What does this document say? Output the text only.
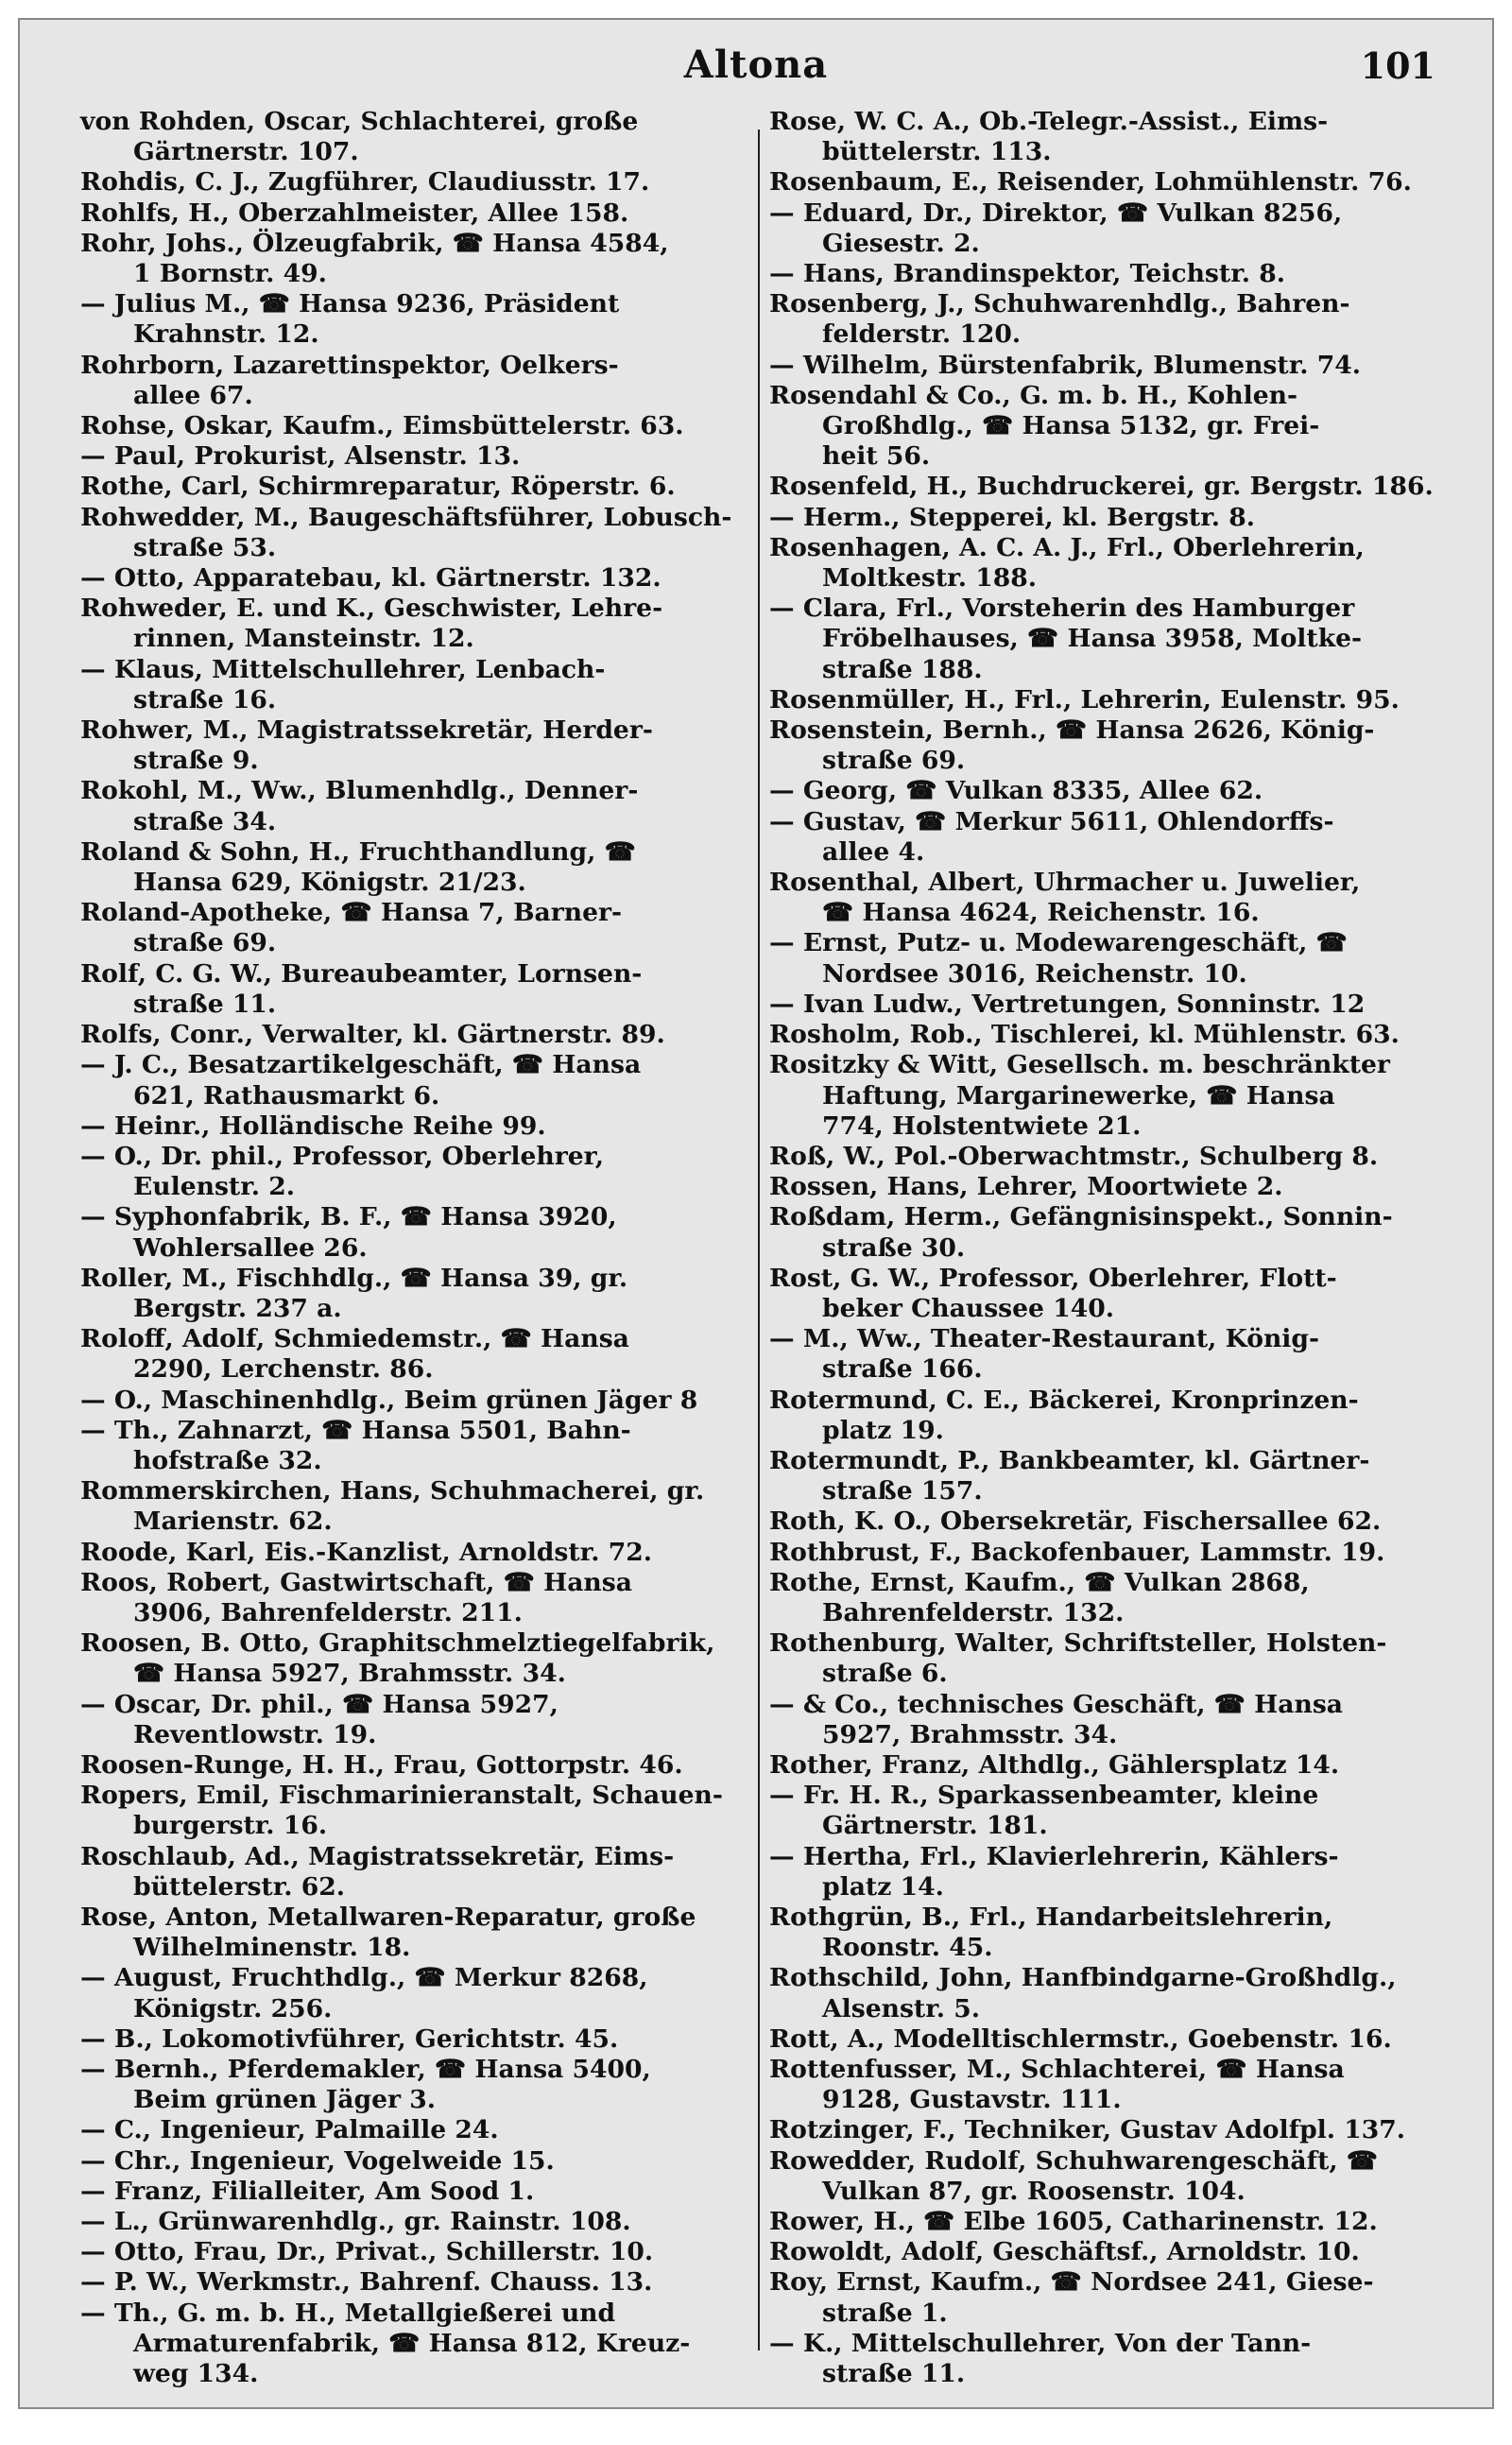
Altona	101

von Rohden, Oscar, Schlachterei, große

Gärtnerstr. 107.

Rohdis, C. J., Zugführer, Claudiusstr. 17.

Rohlfs, H., Oberzahlmeister, Allee 158.

Rohr, Johs., Ölzeugfabrik, ☎ Hansa 4584,

1 Bornstr. 49.

— Julius M., ☎ Hansa 9236, Präsident

Krahnstr. 12.

Rohrborn, Lazarettinspektor, Oelkers-

allee 67.

Rohse, Oskar, Kaufm., Eimsbüttelerstr. 63.

— Paul, Prokurist, Alsenstr. 13.

Rothe, Carl, Schirmreparatur, Röperstr. 6.

Rohwedder, M., Baugeschäftsführer, Lobusch-

straße 53.

— Otto, Apparatebau, kl. Gärtnerstr. 132.

Rohweder, E. und K., Geschwister, Lehre-

rinnen, Mansteinstr. 12.

— Klaus, Mittelschullehrer, Lenbach-

straße 16.

Rohwer, M., Magistratssekretär, Herder-

straße 9.

Rokohl, M., Ww., Blumenhdlg., Denner-

straße 34.

Roland & Sohn, H., Fruchthandlung, ☎

Hansa 629, Königstr. 21/23.

Roland-Apotheke, ☎ Hansa 7, Barner-

straße 69.

Rolf, C. G. W., Bureaubeamter, Lornsen-

straße 11.

Rolfs, Conr., Verwalter, kl. Gärtnerstr. 89.

— J. C., Besatzartikelgeschäft, ☎ Hansa

621, Rathausmarkt 6.

— Heinr., Holländische Reihe 99.

— O., Dr. phil., Professor, Oberlehrer,

Eulenstr. 2.

— Syphonfabrik, B. F., ☎ Hansa 3920,

Wohlersallee 26.

Roller, M., Fischhdlg., ☎ Hansa 39, gr.

Bergstr. 237 a.

Roloff, Adolf, Schmiedemstr., ☎ Hansa

2290, Lerchenstr. 86.

— O., Maschinenhdlg., Beim grünen Jäger 8

— Th., Zahnarzt, ☎ Hansa 5501, Bahn-

hofstraße 32.

Rommerskirchen, Hans, Schuhmacherei, gr.

Marienstr. 62.

Roode, Karl, Eis.-Kanzlist, Arnoldstr. 72.

Roos, Robert, Gastwirtschaft, ☎ Hansa

3906, Bahrenfelderstr. 211.

Roosen, B. Otto, Graphitschmelztiegelfabrik,

☎ Hansa 5927, Brahmsstr. 34.

— Oscar, Dr. phil., ☎ Hansa 5927,

Reventlowstr. 19.

Roosen-Runge, H. H., Frau, Gottorpstr. 46.

Ropers, Emil, Fischmarinieranstalt, Schauen-

burgerstr. 16.

Roschlaub, Ad., Magistratssekretär, Eims-

büttelerstr. 62.

Rose, Anton, Metallwaren-Reparatur, große

Wilhelminenstr. 18.

— August, Fruchthdlg., ☎ Merkur 8268,

Königstr. 256.

— B., Lokomotivführer, Gerichtstr. 45.

— Bernh., Pferdemakler, ☎ Hansa 5400,

Beim grünen Jäger 3.

— C., Ingenieur, Palmaille 24.

— Chr., Ingenieur, Vogelweide 15.

— Franz, Filialleiter, Am Sood 1.

— L., Grünwarenhdlg., gr. Rainstr. 108.

— Otto, Frau, Dr., Privat., Schillerstr. 10.

— P. W., Werkmstr., Bahrenf. Chauss. 13.

— Th., G. m. b. H., Metallgießerei und

Armaturenfabrik, ☎ Hansa 812, Kreuz-

weg 134.

Rose, W. C. A., Ob.-Telegr.-Assist., Eims-

büttelerstr. 113.

Rosenbaum, E., Reisender, Lohmühlenstr. 76.

— Eduard, Dr., Direktor, ☎ Vulkan 8256,

Giesestr. 2.

— Hans, Brandinspektor, Teichstr. 8.

Rosenberg, J., Schuhwarenhdlg., Bahren-

felderstr. 120.

— Wilhelm, Bürstenfabrik, Blumenstr. 74.

Rosendahl & Co., G. m. b. H., Kohlen-

Großhdlg., ☎ Hansa 5132, gr. Frei-

heit 56.

Rosenfeld, H., Buchdruckerei, gr. Bergstr. 186.

— Herm., Stepperei, kl. Bergstr. 8.

Rosenhagen, A. C. A. J., Frl., Oberlehrerin,

Moltkestr. 188.

— Clara, Frl., Vorsteherin des Hamburger

Fröbelhauses, ☎ Hansa 3958, Moltke-

straße 188.

Rosenmüller, H., Frl., Lehrerin, Eulenstr. 95.

Rosenstein, Bernh., ☎ Hansa 2626, König-

straße 69.

— Georg, ☎ Vulkan 8335, Allee 62.

— Gustav, ☎ Merkur 5611, Ohlendorffs-

allee 4.

Rosenthal, Albert, Uhrmacher u. Juwelier,

☎ Hansa 4624, Reichenstr. 16.

— Ernst, Putz- u. Modewarengeschäft, ☎

Nordsee 3016, Reichenstr. 10.

— Ivan Ludw., Vertretungen, Sonninstr. 12

Rosholm, Rob., Tischlerei, kl. Mühlenstr. 63.

Rositzky & Witt, Gesellsch. m. beschränkter

Haftung, Margarinewerke, ☎ Hansa

774, Holstentwiete 21.

Roß, W., Pol.-Oberwachtmstr., Schulberg 8.

Rossen, Hans, Lehrer, Moortwiete 2.

Roßdam, Herm., Gefängnisinspekt., Sonnin-

straße 30.

Rost, G. W., Professor, Oberlehrer, Flott-

beker Chaussee 140.

— M., Ww., Theater-Restaurant, König-

straße 166.

Rotermund, C. E., Bäckerei, Kronprinzen-

platz 19.

Rotermundt, P., Bankbeamter, kl. Gärtner-

straße 157.

Roth, K. O., Obersekretär, Fischersallee 62.

Rothbrust, F., Backofenbauer, Lammstr. 19.

Rothe, Ernst, Kaufm., ☎ Vulkan 2868,

Bahrenfelderstr. 132.

Rothenburg, Walter, Schriftsteller, Holsten-

straße 6.

— & Co., technisches Geschäft, ☎ Hansa

5927, Brahmsstr. 34.

Rother, Franz, Althdlg., Gählersplatz 14.

— Fr. H. R., Sparkassenbeamter, kleine

Gärtnerstr. 181.

— Hertha, Frl., Klavierlehrerin, Kählers-

platz 14.

Rothgrün, B., Frl., Handarbeitslehrerin,

Roonstr. 45.

Rothschild, John, Hanfbindgarne-Großhdlg.,

Alsenstr. 5.

Rott, A., Modelltischlermstr., Goebenstr. 16.

Rottenfusser, M., Schlachterei, ☎ Hansa

9128, Gustavstr. 111.

Rotzinger, F., Techniker, Gustav Adolfpl. 137.

Rowedder, Rudolf, Schuhwarengeschäft, ☎

Vulkan 87, gr. Roosenstr. 104.

Rower, H., ☎ Elbe 1605, Catharinenstr. 12.

Rowoldt, Adolf, Geschäftsf., Arnoldstr. 10.

Roy, Ernst, Kaufm., ☎ Nordsee 241, Giese-

straße 1.

— K., Mittelschullehrer, Von der Tann-

straße 11.
